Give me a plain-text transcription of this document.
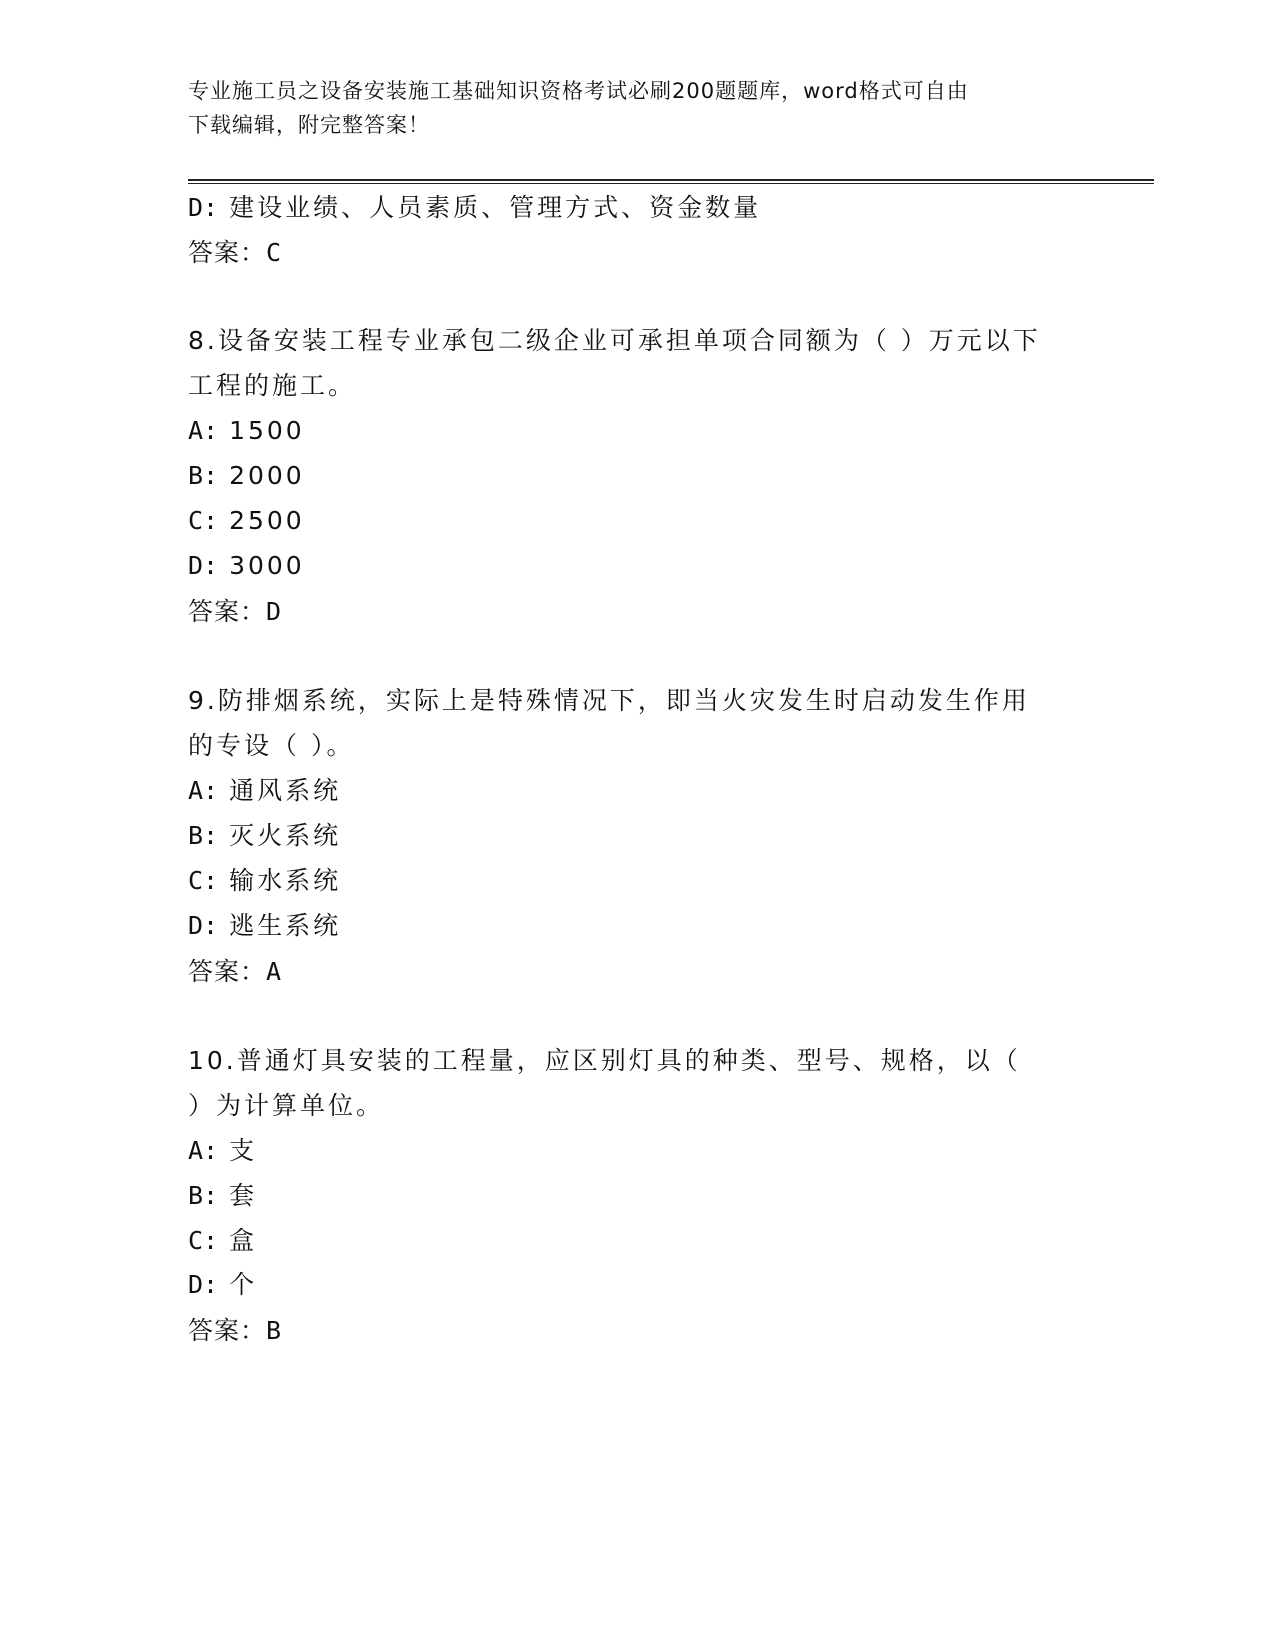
专业施工员之设备安装施工基础知识资格考试必刷200题题库，word格式可自由
下载编辑，附完整答案！
D: 建设业绩、人员素质、管理方式、资金数量
答案：C
8.设备安装工程专业承包二级企业可承担单项合同额为（ ）万元以下
工程的施工。
A: 1500
B: 2000
C: 2500
D: 3000
答案：D
9.防排烟系统，实际上是特殊情况下，即当火灾发生时启动发生作用
的专设（ ）。
A: 通风系统
B: 灭火系统
C: 输水系统
D: 逃生系统
答案：A
10.普通灯具安装的工程量，应区别灯具的种类、型号、规格，以（
）为计算单位。
A: 支
B: 套
C: 盒
D: 个
答案：B
